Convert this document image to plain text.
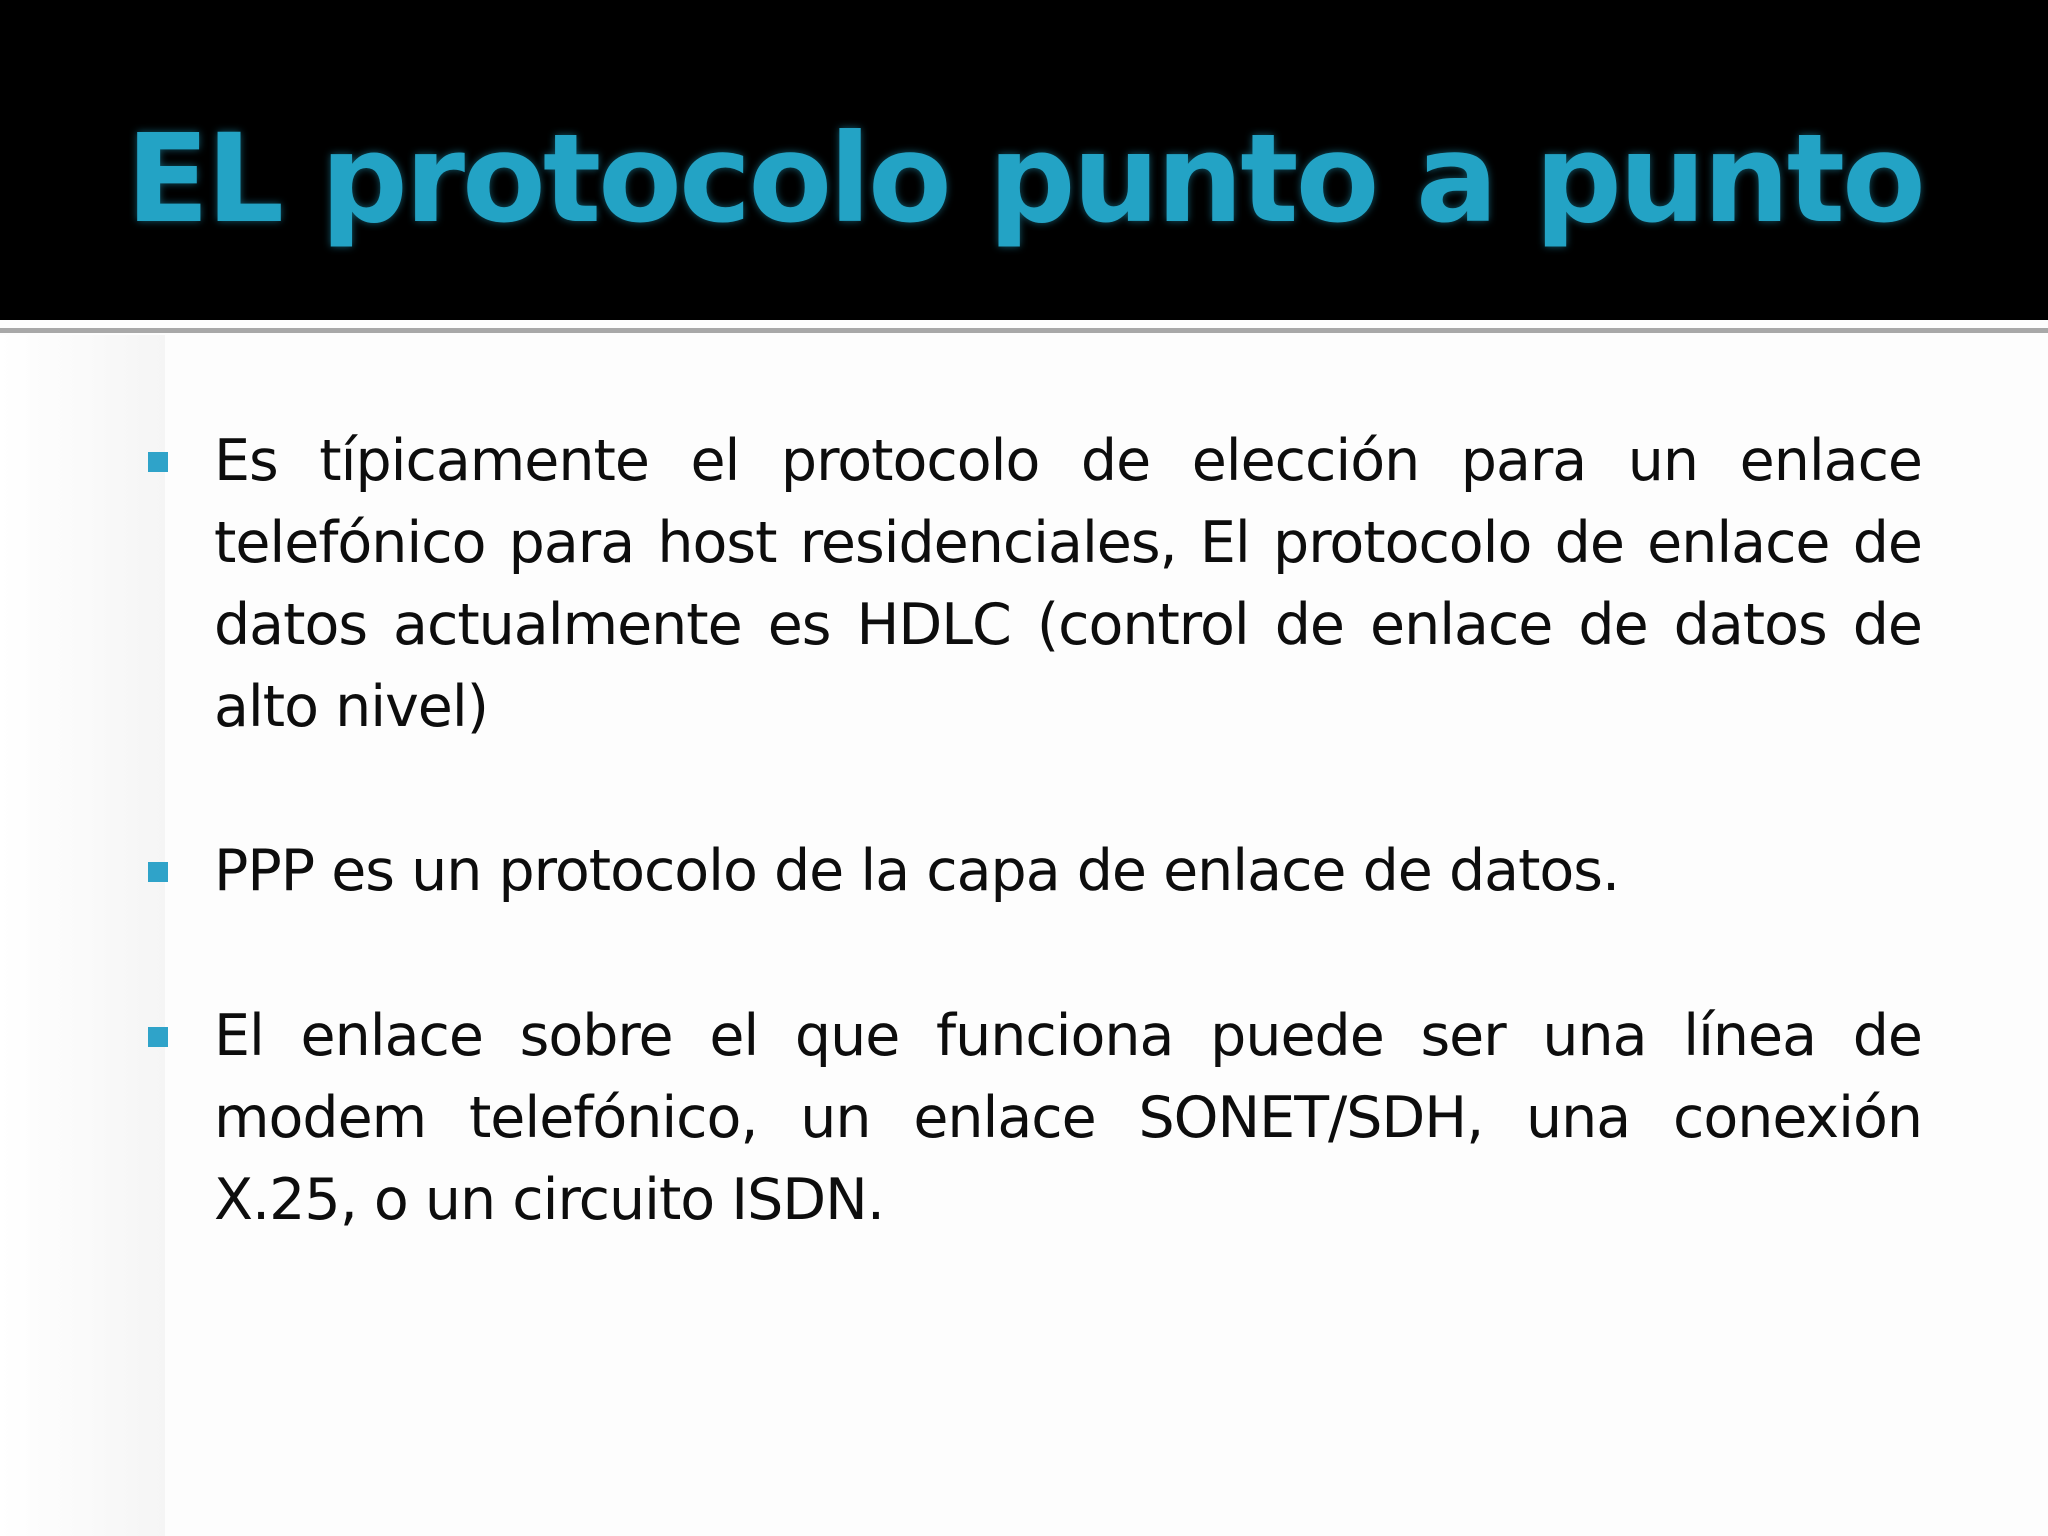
EL protocolo punto a punto
Es típicamente el protocolo de elección para un enlace telefónico para host residenciales, El protocolo de enlace de datos actualmente es HDLC (control de enlace de datos de alto nivel)
PPP es un protocolo de la capa de enlace de datos.
El enlace sobre el que funciona puede ser una línea de modem telefónico, un enlace SONET/SDH, una conexión X.25, o un circuito ISDN.
